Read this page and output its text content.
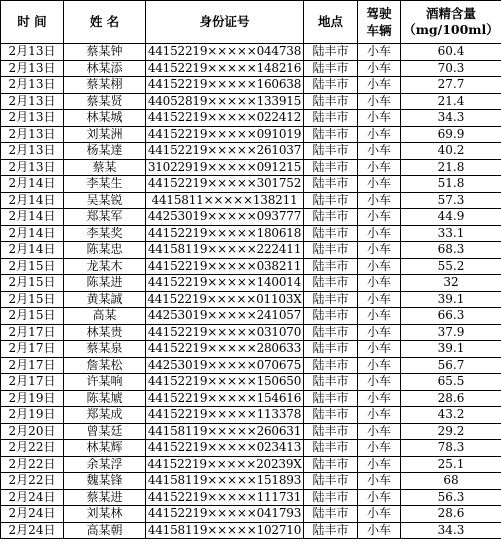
时 间	姓 名	身份证号	地点	驾驶车辆	酒精含量
（mg/100ml）

2月13日	蔡某钟	44152219×××××044738	陆丰市	小车	60.4
2月13日	林某添	44152219×××××148216	陆丰市	小车	70.3
2月13日	蔡某栩	44152219×××××160638	陆丰市	小车	27.7
2月13日	蔡某贤	44052819×××××133915	陆丰市	小车	21.4
2月13日	林某城	44152219×××××022412	陆丰市	小车	34.3
2月13日	刘某洲	44152219×××××091019	陆丰市	小车	69.9
2月13日	杨某達	44152219×××××261037	陆丰市	小车	40.2
2月13日	蔡某	31022919×××××091215	陆丰市	小车	21.8
2月14日	李某生	44152219×××××301752	陆丰市	小车	51.8
2月14日	吴某锐	4415811×××××138211	陆丰市	小车	57.3
2月14日	郑某军	44253019×××××093777	陆丰市	小车	44.9
2月14日	李某奖	44152219×××××180618	陆丰市	小车	33.1
2月14日	陈某忠	44158119×××××222411	陆丰市	小车	68.3
2月15日	龙某木	44152219×××××038211	陆丰市	小车	55.2
2月15日	陈某进	44152219×××××140014	陆丰市	小车	32
2月15日	黄某誠	44152219×××××01103X	陆丰市	小车	39.1
2月15日	高某	44253019×××××241057	陆丰市	小车	66.3
2月17日	林某贵	44152219×××××031070	陆丰市	小车	37.9
2月17日	蔡某泉	44152219×××××280633	陆丰市	小车	39.1
2月17日	詹某松	44253019×××××070675	陆丰市	小车	56.7
2月17日	许某响	44152219×××××150650	陆丰市	小车	65.5
2月19日	陈某虓	44152219×××××154616	陆丰市	小车	28.6
2月19日	郑某成	44152219×××××113378	陆丰市	小车	43.2
2月20日	曾某廷	44158119×××××260631	陆丰市	小车	29.2
2月22日	林某辉	44152219×××××023413	陆丰市	小车	78.3
2月22日	余某浮	44152219×××××20239X	陆丰市	小车	25.1
2月22日	魏某锋	44158119×××××151893	陆丰市	小车	68
2月24日	蔡某进	44152219×××××111731	陆丰市	小车	56.3
2月24日	刘某林	44152219×××××041793	陆丰市	小车	28.6
2月24日	高某朝	44158119×××××102710	陆丰市	小车	34.3
